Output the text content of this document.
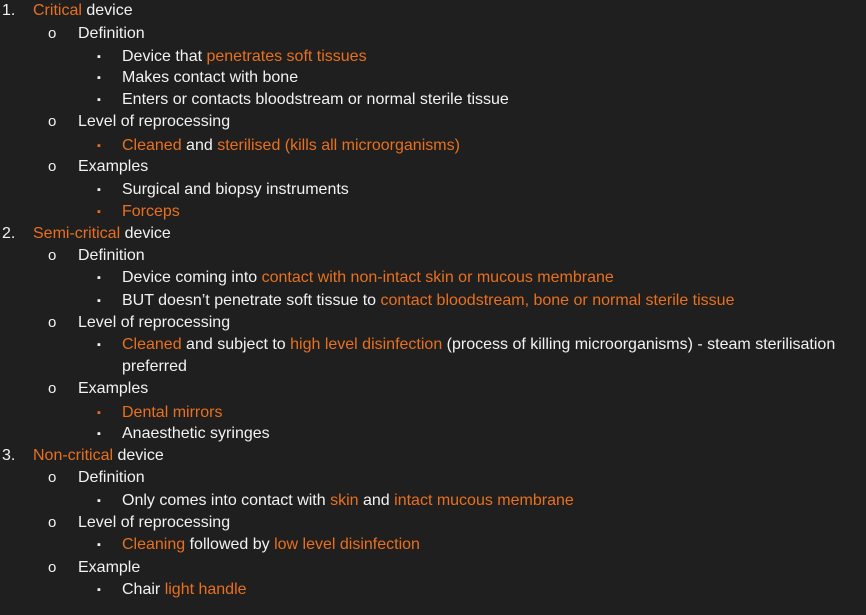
1. Critical device
o Definition
▪ Device that penetrates soft tissues
▪ Makes contact with bone
▪ Enters or contacts bloodstream or normal sterile tissue
o Level of reprocessing
▪ Cleaned and sterilised (kills all microorganisms)
o Examples
▪ Surgical and biopsy instruments
▪ Forceps
2. Semi-critical device
o Definition
▪ Device coming into contact with non-intact skin or mucous membrane
▪ BUT doesn’t penetrate soft tissue to contact bloodstream, bone or normal sterile tissue
o Level of reprocessing
▪ Cleaned and subject to high level disinfection (process of killing microorganisms) - steam sterilisation
preferred
o Examples
▪ Dental mirrors
▪ Anaesthetic syringes
3. Non-critical device
o Definition
▪ Only comes into contact with skin and intact mucous membrane
o Level of reprocessing
▪ Cleaning followed by low level disinfection
o Example
▪ Chair light handle
